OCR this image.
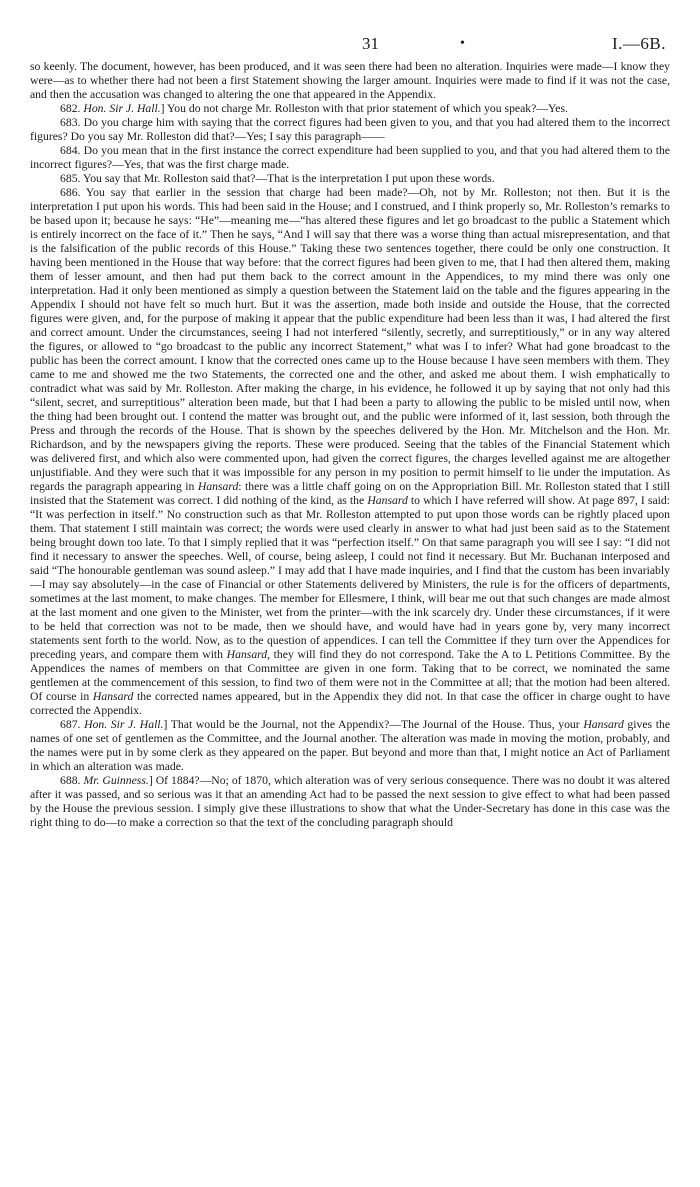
31	•	I.—6B.

so keenly. The document, however, has been produced, and it was seen there had been no alteration. Inquiries were made—I know they were—as to whether there had not been a first Statement showing the larger amount. Inquiries were made to find if it was not the case, and then the accusation was changed to altering the one that appeared in the Appendix.

682. Hon. Sir J. Hall.] You do not charge Mr. Rolleston with that prior statement of which you speak?—Yes.

683. Do you charge him with saying that the correct figures had been given to you, and that you had altered them to the incorrect figures? Do you say Mr. Rolleston did that?—Yes; I say this paragraph——

684. Do you mean that in the first instance the correct expenditure had been supplied to you, and that you had altered them to the incorrect figures?—Yes, that was the first charge made.

685. You say that Mr. Rolleston said that?—That is the interpretation I put upon these words.

686. You say that earlier in the session that charge had been made?—Oh, not by Mr. Rolleston; not then. But it is the interpretation I put upon his words. This had been said in the House; and I construed, and I think properly so, Mr. Rolleston’s remarks to be based upon it; because he says: “He”—meaning me—“has altered these figures and let go broadcast to the public a Statement which is entirely incorrect on the face of it.” Then he says, “And I will say that there was a worse thing than actual misrepresentation, and that is the falsification of the public records of this House.” Taking these two sentences together, there could be only one construction. It having been mentioned in the House that way before: that the correct figures had been given to me, that I had then altered them, making them of lesser amount, and then had put them back to the correct amount in the Appendices, to my mind there was only one interpretation. Had it only been mentioned as simply a question between the Statement laid on the table and the figures appearing in the Appendix I should not have felt so much hurt. But it was the assertion, made both inside and outside the House, that the corrected figures were given, and, for the purpose of making it appear that the public expenditure had been less than it was, I had altered the first and correct amount. Under the circumstances, seeing I had not interfered “silently, secretly, and surreptitiously,” or in any way altered the figures, or allowed to “go broadcast to the public any incorrect Statement,” what was I to infer? What had gone broadcast to the public has been the correct amount. I know that the corrected ones came up to the House because I have seen members with them. They came to me and showed me the two Statements, the corrected one and the other, and asked me about them. I wish emphatically to contradict what was said by Mr. Rolleston. After making the charge, in his evidence, he followed it up by saying that not only had this “silent, secret, and surreptitious” alteration been made, but that I had been a party to allowing the public to be misled until now, when the thing had been brought out. I contend the matter was brought out, and the public were informed of it, last session, both through the Press and through the records of the House. That is shown by the speeches delivered by the Hon. Mr. Mitchelson and the Hon. Mr. Richardson, and by the newspapers giving the reports. These were produced. Seeing that the tables of the Financial Statement which was delivered first, and which also were commented upon, had given the correct figures, the charges levelled against me are altogether unjustifiable. And they were such that it was impossible for any person in my position to permit himself to lie under the imputation. As regards the paragraph appearing in Hansard: there was a little chaff going on on the Appropriation Bill. Mr. Rolleston stated that I still insisted that the Statement was correct. I did nothing of the kind, as the Hansard to which I have referred will show. At page 897, I said: “It was perfection in itself.” No construction such as that Mr. Rolleston attempted to put upon those words can be rightly placed upon them. That statement I still maintain was correct; the words were used clearly in answer to what had just been said as to the Statement being brought down too late. To that I simply replied that it was “perfection itself.” On that same paragraph you will see I say: “I did not find it necessary to answer the speeches. Well, of course, being asleep, I could not find it necessary. But Mr. Buchanan interposed and said “The honourable gentleman was sound asleep.” I may add that I have made inquiries, and I find that the custom has been invariably—I may say absolutely—in the case of Financial or other Statements delivered by Ministers, the rule is for the officers of departments, sometimes at the last moment, to make changes. The member for Ellesmere, I think, will bear me out that such changes are made almost at the last moment and one given to the Minister, wet from the printer—with the ink scarcely dry. Under these circumstances, if it were to be held that correction was not to be made, then we should have, and would have had in years gone by, very many incorrect statements sent forth to the world. Now, as to the question of appendices. I can tell the Committee if they turn over the Appendices for preceding years, and compare them with Hansard, they will find they do not correspond. Take the A to L Petitions Committee. By the Appendices the names of members on that Committee are given in one form. Taking that to be correct, we nominated the same gentlemen at the commencement of this session, to find two of them were not in the Committee at all; that the motion had been altered. Of course in Hansard the corrected names appeared, but in the Appendix they did not. In that case the officer in charge ought to have corrected the Appendix.

687. Hon. Sir J. Hall.] That would be the Journal, not the Appendix?—The Journal of the House. Thus, your Hansard gives the names of one set of gentlemen as the Committee, and the Journal another. The alteration was made in moving the motion, probably, and the names were put in by some clerk as they appeared on the paper. But beyond and more than that, I might notice an Act of Parliament in which an alteration was made.

688. Mr. Guinness.] Of 1884?—No; of 1870, which alteration was of very serious consequence. There was no doubt it was altered after it was passed, and so serious was it that an amending Act had to be passed the next session to give effect to what had been passed by the House the previous session. I simply give these illustrations to show that what the Under-Secretary has done in this case was the right thing to do—to make a correction so that the text of the concluding paragraph should
